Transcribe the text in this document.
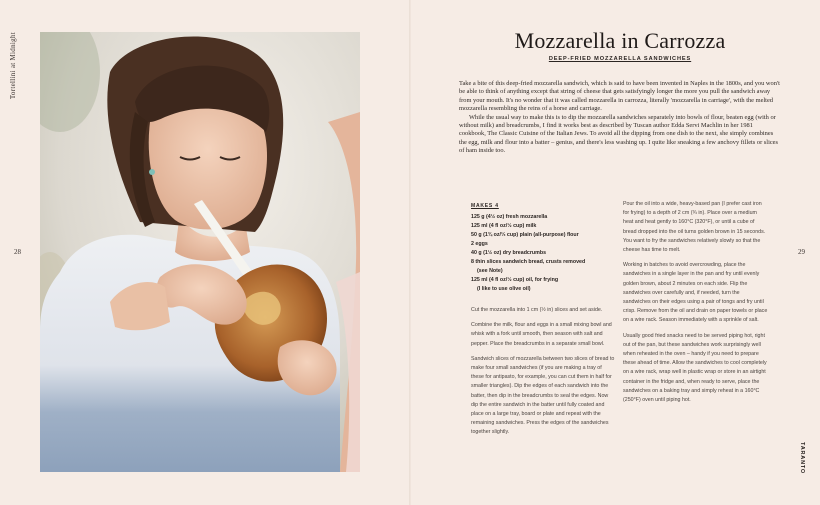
Tortellini at Midnight
28	29
TARANTO
Mozzarella in Carrozza
DEEP-FRIED MOZZARELLA SANDWICHES

Take a bite of this deep-fried mozzarella sandwich, which is said to have been invented in Naples in the 1800s, and you won't be able to think of anything except that string of cheese that gets satisfyingly longer the more you pull the sandwich away from your mouth. It's no wonder that it was called mozzarella in carrozza, literally 'mozzarella in carriage', with the melted mozzarella resembling the reins of a horse and carriage.

While the usual way to make this is to dip the mozzarella sandwiches separately into bowls of flour, beaten egg (with or without milk) and breadcrumbs, I find it works best as described by Tuscan author Edda Servi Machlin in her 1981 cookbook, The Classic Cuisine of the Italian Jews. To avoid all the dipping from one dish to the next, she simply combines the egg, milk and flour into a batter – genius, and there's less washing up. I quite like sneaking a few anchovy fillets or slices of ham inside too.

MAKES 4
125 g (4½ oz) fresh mozzarella
125 ml (4 fl oz/½ cup) milk
50 g (1¾ oz/⅓ cup) plain (all-purpose) flour
2 eggs
40 g (1½ oz) dry breadcrumbs
8 thin slices sandwich bread, crusts removed
(see Note)
125 ml (4 fl oz/½ cup) oil, for frying
(I like to use olive oil)

Cut the mozzarella into 1 cm (½ in) slices and set aside.

Combine the milk, flour and eggs in a small mixing bowl and whisk with a fork until smooth, then season with salt and pepper. Place the breadcrumbs in a separate small bowl.

Sandwich slices of mozzarella between two slices of bread to make four small sandwiches (if you are making a tray of these for antipasto, for example, you can cut them in half for smaller triangles). Dip the edges of each sandwich into the batter, then dip in the breadcrumbs to seal the edges. Now dip the entire sandwich in the batter until fully coated and place on a large tray, board or plate and repeat with the remaining sandwiches. Press the edges of the sandwiches together slightly.

Pour the oil into a wide, heavy-based pan (I prefer cast iron for frying) to a depth of 2 cm (¾ in). Place over a medium heat and heat gently to 160°C (320°F), or until a cube of bread dropped into the oil turns golden brown in 15 seconds. You want to fry the sandwiches relatively slowly so that the cheese has time to melt.

Working in batches to avoid overcrowding, place the sandwiches in a single layer in the pan and fry until evenly golden brown, about 2 minutes on each side. Flip the sandwiches over carefully and, if needed, turn the sandwiches on their edges using a pair of tongs and fry until crisp. Remove from the oil and drain on paper towels or place on a wire rack. Season immediately with a sprinkle of salt.

Usually good fried snacks need to be served piping hot, right out of the pan, but these sandwiches work surprisingly well when reheated in the oven – handy if you need to prepare these ahead of time. Allow the sandwiches to cool completely on a wire rack, wrap well in plastic wrap or store in an airtight container in the fridge and, when ready to serve, place the sandwiches on a baking tray and simply reheat in a 160°C (250°F) oven until piping hot.
